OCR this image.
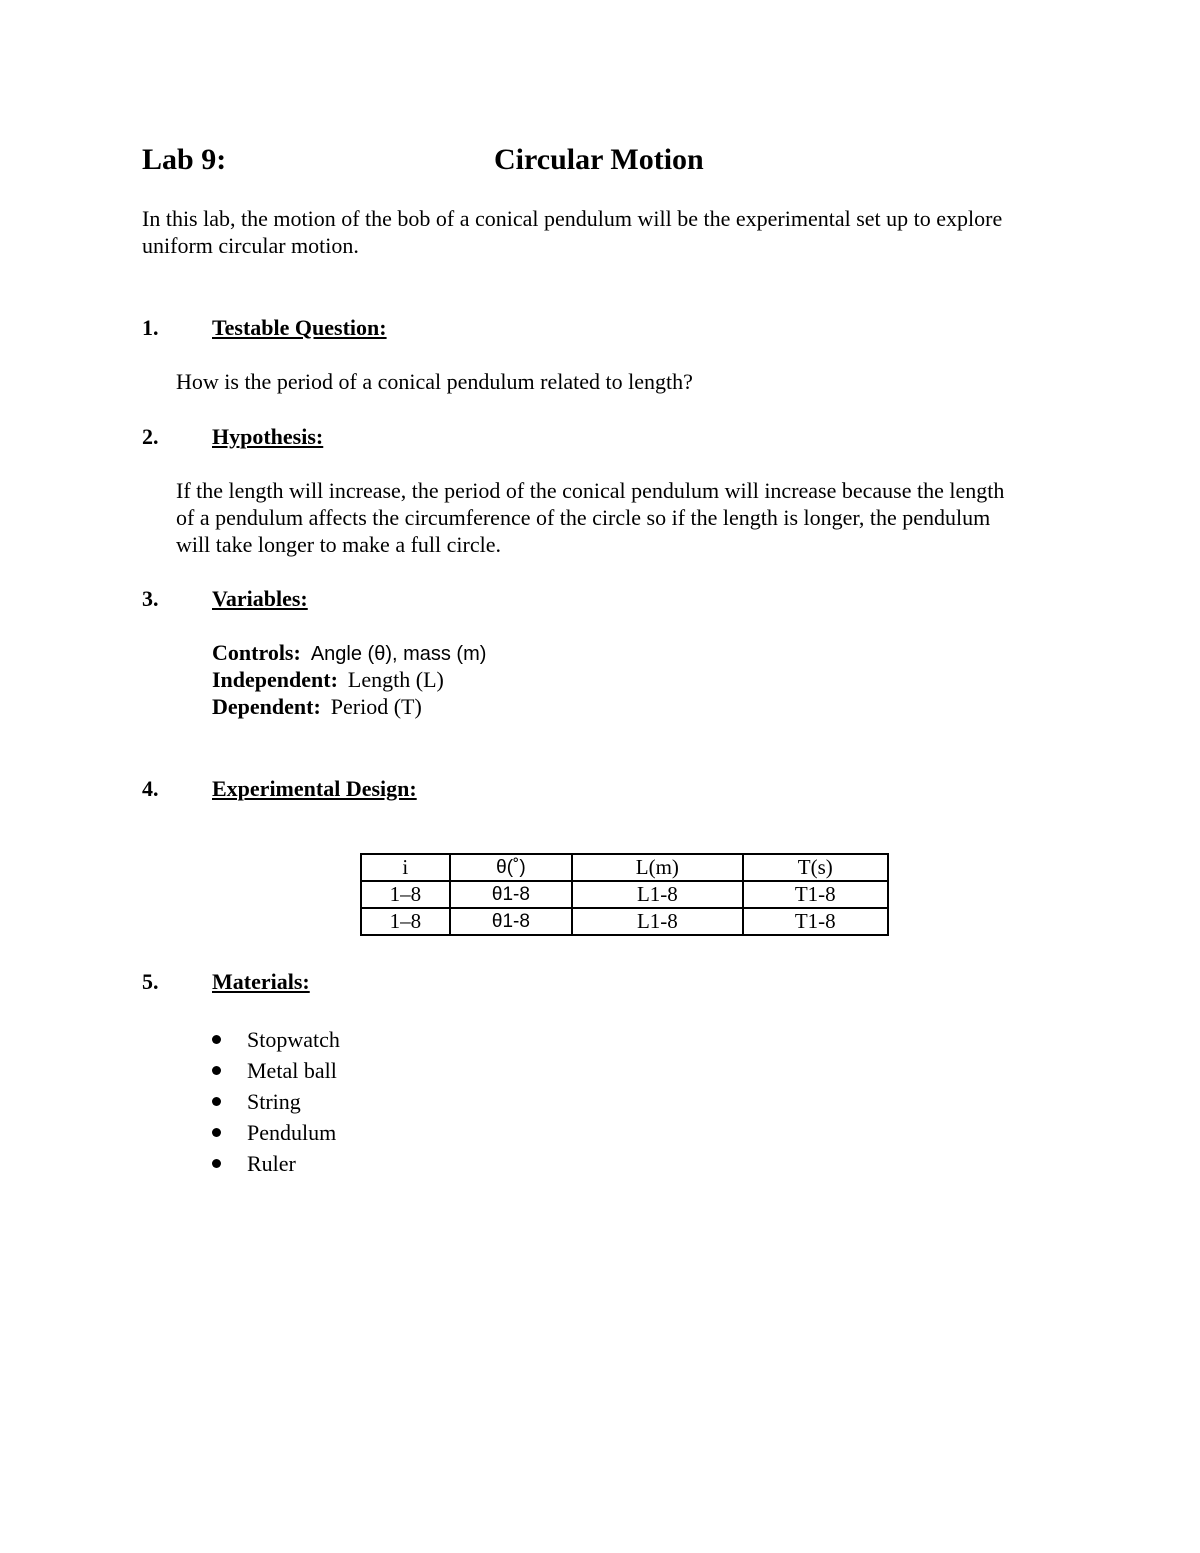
Lab 9:	Circular Motion
In this lab, the motion of the bob of a conical pendulum will be the experimental set up to explore uniform circular motion.
1. Testable Question:
How is the period of a conical pendulum related to length?
2. Hypothesis:
If the length will increase, the period of the conical pendulum will increase because the length of a pendulum affects the circumference of the circle so if the length is longer, the pendulum will take longer to make a full circle.
3. Variables:
Controls: Angle (θ), mass (m)
Independent: Length (L)
Dependent: Period (T)
4. Experimental Design:
i	θ(˚)	L(m)	T(s)
1–8	θ1-8	L1-8	T1-8
1–8	θ1-8	L1-8	T1-8
5. Materials:
Stopwatch
Metal ball
String
Pendulum
Ruler
